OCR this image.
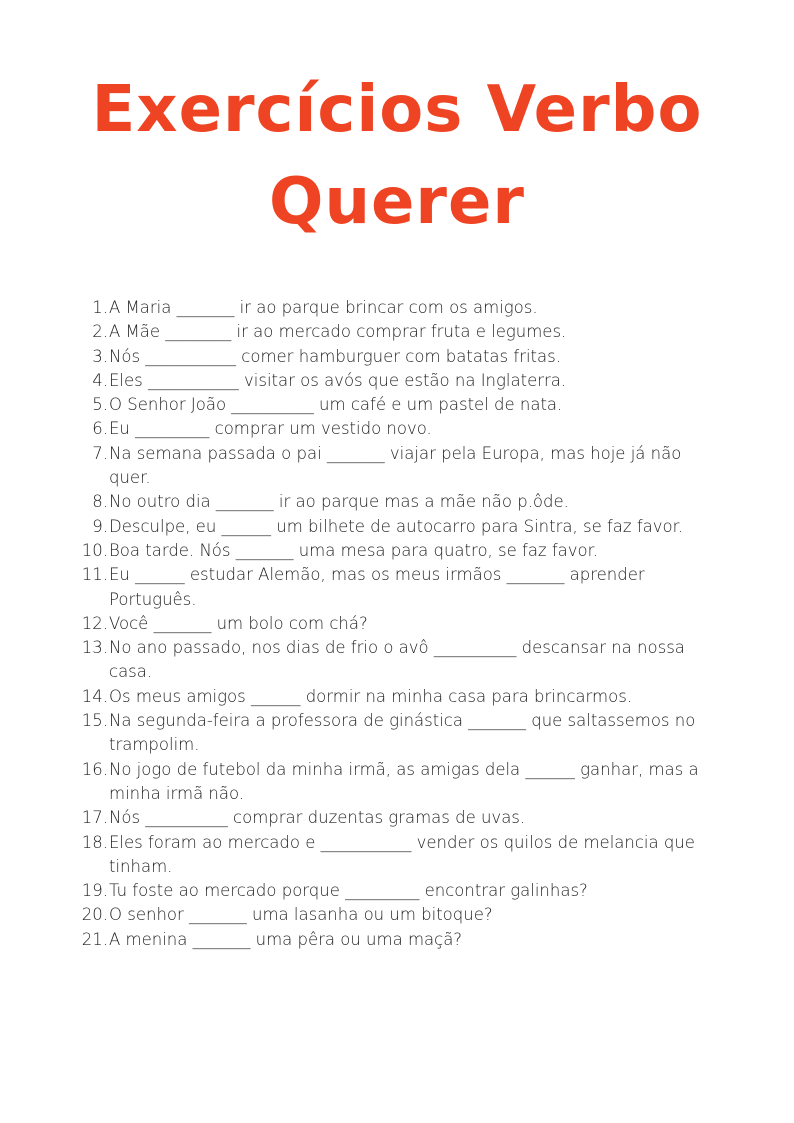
Exercícios Verbo
Querer
1. A Maria _______ ir ao parque brincar com os amigos.
2. A Mãe ________ ir ao mercado comprar fruta e legumes.
3. Nós ___________ comer hamburguer com batatas fritas.
4. Eles ___________ visitar os avós que estão na Inglaterra.
5. O Senhor João __________ um café e um pastel de nata.
6. Eu _________ comprar um vestido novo.
7. Na semana passada o pai _______ viajar pela Europa, mas hoje já não quer.
8. No outro dia _______ ir ao parque mas a mãe não p.ôde.
9. Desculpe, eu ______ um bilhete de autocarro para Sintra, se faz favor.
10. Boa tarde. Nós _______ uma mesa para quatro, se faz favor.
11. Eu ______ estudar Alemão, mas os meus irmãos _______ aprender Português.
12. Você _______ um bolo com chá?
13. No ano passado, nos dias de frio o avô __________ descansar na nossa casa.
14. Os meus amigos ______ dormir na minha casa para brincarmos.
15. Na segunda-feira a professora de ginástica _______ que saltassemos no trampolim.
16. No jogo de futebol da minha irmã, as amigas dela ______ ganhar, mas a minha irmã não.
17. Nós __________ comprar duzentas gramas de uvas.
18. Eles foram ao mercado e ___________ vender os quilos de melancia que tinham.
19. Tu foste ao mercado porque _________ encontrar galinhas?
20. O senhor _______ uma lasanha ou um bitoque?
21. A menina _______ uma pêra ou uma maçã?
